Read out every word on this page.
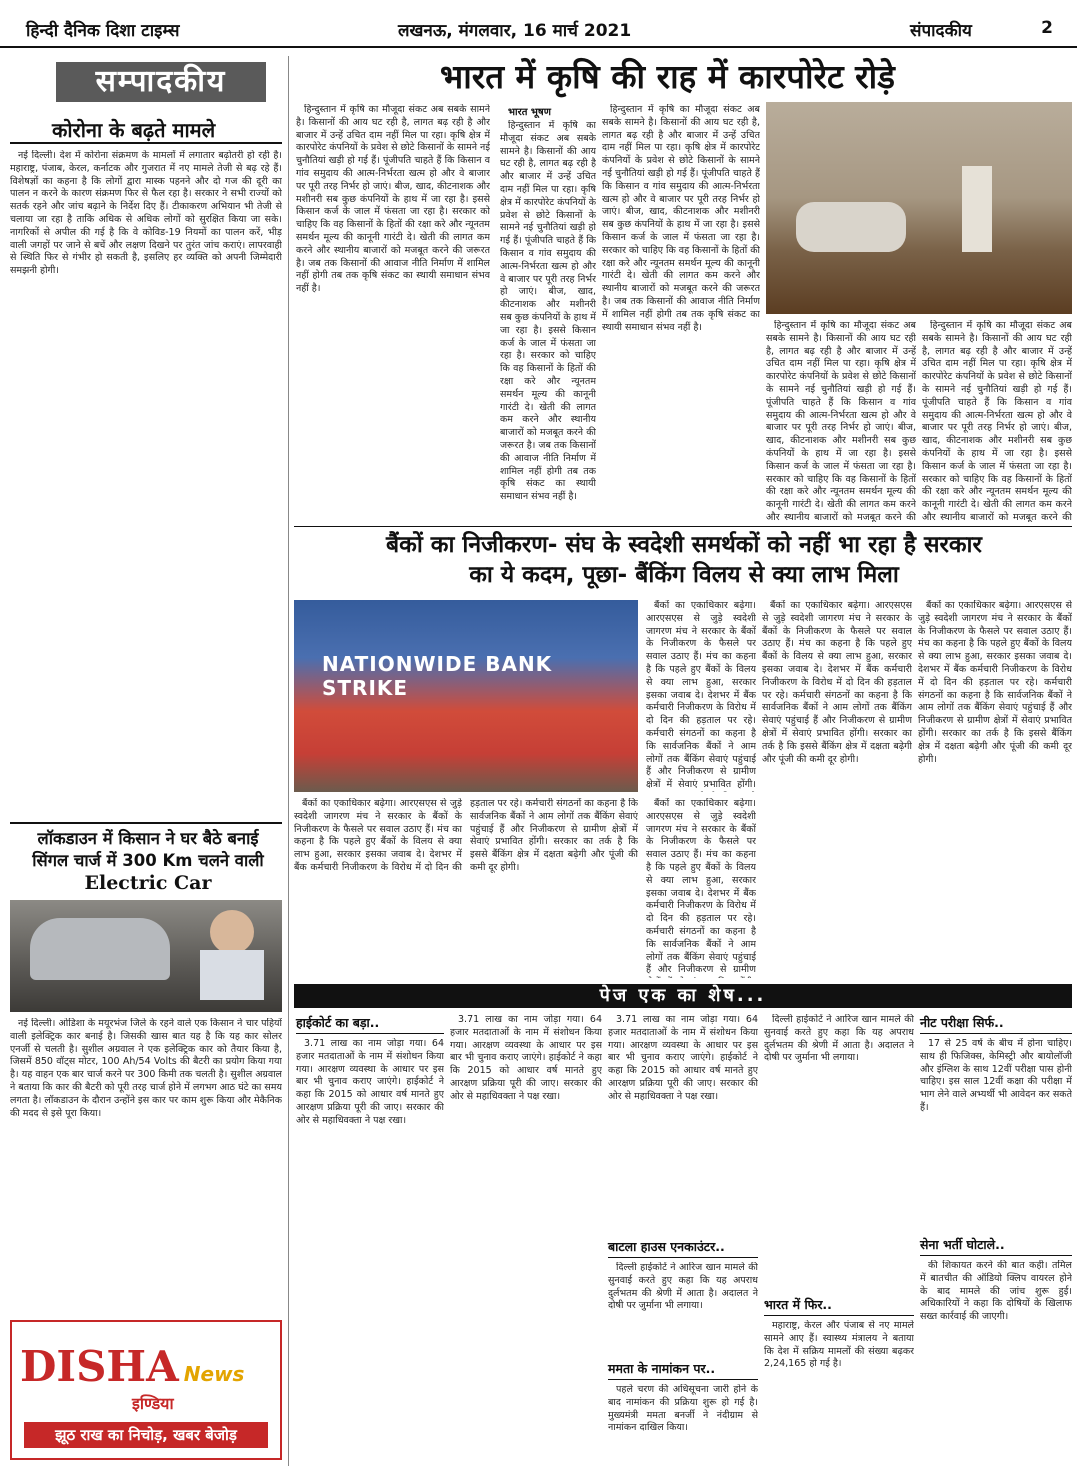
हिन्दी दैनिक दिशा टाइम्स	लखनऊ, मंगलवार, 16 मार्च 2021	संपादकीय	2
सम्पादकीय
कोरोना के बढ़ते मामले

नई दिल्ली। देश में कोरोना संक्रमण के मामलों में लगातार बढ़ोतरी हो रही है। महाराष्ट्र, पंजाब, केरल, कर्नाटक और गुजरात में नए मामले तेजी से बढ़ रहे हैं। विशेषज्ञों का कहना है कि लोगों द्वारा मास्क पहनने और दो गज की दूरी का पालन न करने के कारण संक्रमण फिर से फैल रहा है। सरकार ने सभी राज्यों को सतर्क रहने और जांच बढ़ाने के निर्देश दिए हैं। टीकाकरण अभियान भी तेजी से चलाया जा रहा है ताकि अधिक से अधिक लोगों को सुरक्षित किया जा सके। नागरिकों से अपील की गई है कि वे कोविड-19 नियमों का पालन करें, भीड़ वाली जगहों पर जाने से बचें और लक्षण दिखने पर तुरंत जांच कराएं। लापरवाही से स्थिति फिर से गंभीर हो सकती है, इसलिए हर व्यक्ति को अपनी जिम्मेदारी समझनी होगी।

लॉकडाउन में किसान ने घर बैठे बनाई
सिंगल चार्ज में 300 Km चलने वाली
Electric Car

नई दिल्ली। ओडिशा के मयूरभंज जिले के रहने वाले एक किसान ने चार पहियों वाली इलेक्ट्रिक कार बनाई है। जिसकी खास बात यह है कि यह कार सोलर एनर्जी से चलती है। सुशील अग्रवाल ने एक इलेक्ट्रिक कार को तैयार किया है, जिसमें 850 वॉट्स मोटर, 100 Ah/54 Volts की बैटरी का प्रयोग किया गया है। यह वाहन एक बार चार्ज करने पर 300 किमी तक चलती है। सुशील अग्रवाल ने बताया कि कार की बैटरी को पूरी तरह चार्ज होने में लगभग आठ घंटे का समय लगता है। लॉकडाउन के दौरान उन्होंने इस कार पर काम शुरू किया और मेकैनिक की मदद से इसे पूरा किया।

DISHA News
इण्डिया
झूठ राख का निचोड़, खबर बेजोड़
भारत में कृषि की राह में कारपोरेट रोड़े

हिन्दुस्तान में कृषि का मौजूदा संकट अब सबके सामने है। किसानों की आय घट रही है, लागत बढ़ रही है और बाजार में उन्हें उचित दाम नहीं मिल पा रहा। कृषि क्षेत्र में कारपोरेट कंपनियों के प्रवेश से छोटे किसानों के सामने नई चुनौतियां खड़ी हो गई हैं। पूंजीपति चाहते हैं कि किसान व गांव समुदाय की आत्म-निर्भरता खत्म हो और वे बाजार पर पूरी तरह निर्भर हो जाएं। बीज, खाद, कीटनाशक और मशीनरी सब कुछ कंपनियों के हाथ में जा रहा है। इससे किसान कर्ज के जाल में फंसता जा रहा है। सरकार को चाहिए कि वह किसानों के हितों की रक्षा करे और न्यूनतम समर्थन मूल्य की कानूनी गारंटी दे। खेती की लागत कम करने और स्थानीय बाजारों को मजबूत करने की जरूरत है। जब तक किसानों की आवाज नीति निर्माण में शामिल नहीं होगी तब तक कृषि संकट का स्थायी समाधान संभव नहीं है।

भारत भूषण

हिन्दुस्तान में कृषि का मौजूदा संकट अब सबके सामने है। किसानों की आय घट रही है, लागत बढ़ रही है और बाजार में उन्हें उचित दाम नहीं मिल पा रहा। कृषि क्षेत्र में कारपोरेट कंपनियों के प्रवेश से छोटे किसानों के सामने नई चुनौतियां खड़ी हो गई हैं। पूंजीपति चाहते हैं कि किसान व गांव समुदाय की आत्म-निर्भरता खत्म हो और वे बाजार पर पूरी तरह निर्भर हो जाएं। बीज, खाद, कीटनाशक और मशीनरी सब कुछ कंपनियों के हाथ में जा रहा है। इससे किसान कर्ज के जाल में फंसता जा रहा है। सरकार को चाहिए कि वह किसानों के हितों की रक्षा करे और न्यूनतम समर्थन मूल्य की कानूनी गारंटी दे। खेती की लागत कम करने और स्थानीय बाजारों को मजबूत करने की जरूरत है। जब तक किसानों की आवाज नीति निर्माण में शामिल नहीं होगी तब तक कृषि संकट का स्थायी समाधान संभव नहीं है।

हिन्दुस्तान में कृषि का मौजूदा संकट अब सबके सामने है। किसानों की आय घट रही है, लागत बढ़ रही है और बाजार में उन्हें उचित दाम नहीं मिल पा रहा। कृषि क्षेत्र में कारपोरेट कंपनियों के प्रवेश से छोटे किसानों के सामने नई चुनौतियां खड़ी हो गई हैं। पूंजीपति चाहते हैं कि किसान व गांव समुदाय की आत्म-निर्भरता खत्म हो और वे बाजार पर पूरी तरह निर्भर हो जाएं। बीज, खाद, कीटनाशक और मशीनरी सब कुछ कंपनियों के हाथ में जा रहा है। इससे किसान कर्ज के जाल में फंसता जा रहा है। सरकार को चाहिए कि वह किसानों के हितों की रक्षा करे और न्यूनतम समर्थन मूल्य की कानूनी गारंटी दे। खेती की लागत कम करने और स्थानीय बाजारों को मजबूत करने की जरूरत है। जब तक किसानों की आवाज नीति निर्माण में शामिल नहीं होगी तब तक कृषि संकट का स्थायी समाधान संभव नहीं है।	हिन्दुस्तान में कृषि का मौजूदा संकट अब सबके सामने है। किसानों की आय घट रही है, लागत बढ़ रही है और बाजार में उन्हें उचित दाम नहीं मिल पा रहा। कृषि क्षेत्र में कारपोरेट कंपनियों के प्रवेश से छोटे किसानों के सामने नई चुनौतियां खड़ी हो गई हैं। पूंजीपति चाहते हैं कि किसान व गांव समुदाय की आत्म-निर्भरता खत्म हो और वे बाजार पर पूरी तरह निर्भर हो जाएं। बीज, खाद, कीटनाशक और मशीनरी सब कुछ कंपनियों के हाथ में जा रहा है। इससे किसान कर्ज के जाल में फंसता जा रहा है। सरकार को चाहिए कि वह किसानों के हितों की रक्षा करे और न्यूनतम समर्थन मूल्य की कानूनी गारंटी दे। खेती की लागत कम करने और स्थानीय बाजारों को मजबूत करने की

हिन्दुस्तान में कृषि का मौजूदा संकट अब सबके सामने है। किसानों की आय घट रही है, लागत बढ़ रही है और बाजार में उन्हें उचित दाम नहीं मिल पा रहा। कृषि क्षेत्र में कारपोरेट कंपनियों के प्रवेश से छोटे किसानों के सामने नई चुनौतियां खड़ी हो गई हैं। पूंजीपति चाहते हैं कि किसान व गांव समुदाय की आत्म-निर्भरता खत्म हो और वे बाजार पर पूरी तरह निर्भर हो जाएं। बीज, खाद, कीटनाशक और मशीनरी सब कुछ कंपनियों के हाथ में जा रहा है। इससे किसान कर्ज के जाल में फंसता जा रहा है। सरकार को चाहिए कि वह किसानों के हितों की रक्षा करे और न्यूनतम समर्थन मूल्य की कानूनी गारंटी दे। खेती की लागत कम करने और स्थानीय बाजारों को मजबूत करने की

बैंकों का निजीकरण- संघ के स्वदेशी समर्थकों को नहीं भा रहा है सरकार
का ये कदम, पूछा- बैंकिंग विलय से क्या लाभ मिला
NATIONWIDE BANK STRIKE

बैंकों का एकाधिकार बढ़ेगा। आरएसएस से जुड़े स्वदेशी जागरण मंच ने सरकार के बैंकों के निजीकरण के फैसले पर सवाल उठाए हैं। मंच का कहना है कि पहले हुए बैंकों के विलय से क्या लाभ हुआ, सरकार इसका जवाब दे। देशभर में बैंक कर्मचारी निजीकरण के विरोध में दो दिन की हड़ताल पर रहे। कर्मचारी संगठनों का कहना है कि सार्वजनिक बैंकों ने आम लोगों तक बैंकिंग सेवाएं पहुंचाई हैं और निजीकरण से ग्रामीण क्षेत्रों में सेवाएं प्रभावित होंगी।

बैंकों का एकाधिकार बढ़ेगा। आरएसएस से जुड़े स्वदेशी जागरण मंच ने सरकार के बैंकों के निजीकरण के फैसले पर सवाल उठाए हैं। मंच का कहना है कि पहले हुए बैंकों के विलय से क्या लाभ हुआ, सरकार इसका जवाब दे। देशभर में बैंक कर्मचारी निजीकरण के विरोध में दो दिन की हड़ताल पर रहे। कर्मचारी संगठनों का कहना है कि सार्वजनिक बैंकों ने आम लोगों तक बैंकिंग सेवाएं पहुंचाई हैं और निजीकरण से ग्रामीण क्षेत्रों में सेवाएं प्रभावित होंगी। सरकार का तर्क है कि इससे बैंकिंग क्षेत्र में दक्षता बढ़ेगी और पूंजी की कमी दूर होगी।

बैंकों का एकाधिकार बढ़ेगा। आरएसएस से जुड़े स्वदेशी जागरण मंच ने सरकार के बैंकों के निजीकरण के फैसले पर सवाल उठाए हैं। मंच का कहना है कि पहले हुए बैंकों के विलय से क्या लाभ हुआ, सरकार इसका जवाब दे। देशभर में बैंक कर्मचारी निजीकरण के विरोध में दो दिन की हड़ताल पर रहे। कर्मचारी संगठनों का कहना है कि सार्वजनिक बैंकों ने आम लोगों तक बैंकिंग सेवाएं पहुंचाई हैं और निजीकरण से ग्रामीण

बैंकों का एकाधिकार बढ़ेगा। आरएसएस से जुड़े स्वदेशी जागरण मंच ने सरकार के बैंकों के निजीकरण के फैसले पर सवाल उठाए हैं। मंच का कहना है कि पहले हुए बैंकों के विलय से क्या लाभ हुआ, सरकार इसका जवाब दे। देशभर में बैंक कर्मचारी निजीकरण के विरोध में दो दिन की हड़ताल पर रहे। कर्मचारी संगठनों का कहना है कि सार्वजनिक बैंकों ने आम लोगों तक बैंकिंग सेवाएं पहुंचाई हैं और निजीकरण से ग्रामीण क्षेत्रों में सेवाएं प्रभावित होंगी। सरकार का तर्क है कि इससे बैंकिंग क्षेत्र में दक्षता बढ़ेगी और पूंजी की कमी दूर होगी।

बैंकों का एकाधिकार बढ़ेगा। आरएसएस से जुड़े स्वदेशी जागरण मंच ने सरकार के बैंकों के निजीकरण के फैसले पर सवाल उठाए हैं। मंच का कहना है कि पहले हुए बैंकों के विलय से क्या लाभ हुआ, सरकार इसका जवाब दे। देशभर में बैंक कर्मचारी निजीकरण के विरोध में दो दिन की हड़ताल पर रहे। कर्मचारी संगठनों का कहना है कि सार्वजनिक बैंकों ने आम लोगों तक बैंकिंग सेवाएं पहुंचाई हैं और निजीकरण से ग्रामीण क्षेत्रों में सेवाएं प्रभावित होंगी। सरकार का तर्क है कि इससे बैंकिंग क्षेत्र में दक्षता बढ़ेगी और पूंजी की कमी दूर होगी।

पेज एक का शेष...
हाईकोर्ट का बड़ा..

3.71 लाख का नाम जोड़ा गया। 64 हजार मतदाताओं के नाम में संशोधन किया गया। आरक्षण व्यवस्था के आधार पर इस बार भी चुनाव कराए जाएंगे। हाईकोर्ट ने कहा कि 2015 को आधार वर्ष मानते हुए आरक्षण प्रक्रिया पूरी की जाए। सरकार की ओर से महाधिवक्ता ने पक्ष रखा।

3.71 लाख का नाम जोड़ा गया। 64 हजार मतदाताओं के नाम में संशोधन किया गया। आरक्षण व्यवस्था के आधार पर इस बार भी चुनाव कराए जाएंगे। हाईकोर्ट ने कहा कि 2015 को आधार वर्ष मानते हुए आरक्षण प्रक्रिया पूरी की जाए। सरकार की ओर से महाधिवक्ता ने पक्ष रखा।

3.71 लाख का नाम जोड़ा गया। 64 हजार मतदाताओं के नाम में संशोधन किया गया। आरक्षण व्यवस्था के आधार पर इस बार भी चुनाव कराए जाएंगे। हाईकोर्ट ने कहा कि 2015 को आधार वर्ष मानते हुए आरक्षण प्रक्रिया पूरी की जाए। सरकार की ओर से महाधिवक्ता ने पक्ष रखा।

बाटला हाउस एनकाउंटर..

दिल्ली हाईकोर्ट ने आरिज खान मामले की सुनवाई करते हुए कहा कि यह अपराध दुर्लभतम की श्रेणी में आता है। अदालत ने दोषी पर जुर्माना भी लगाया।

ममता के नामांकन पर..

पहले चरण की अधिसूचना जारी होने के बाद नामांकन की प्रक्रिया शुरू हो गई है। मुख्यमंत्री ममता बनर्जी ने नंदीग्राम से नामांकन दाखिल किया।

दिल्ली हाईकोर्ट ने आरिज खान मामले की सुनवाई करते हुए कहा कि यह अपराध दुर्लभतम की श्रेणी में आता है। अदालत ने दोषी पर जुर्माना भी लगाया।

भारत में फिर..

महाराष्ट्र, केरल और पंजाब से नए मामले सामने आए हैं। स्वास्थ्य मंत्रालय ने बताया कि देश में सक्रिय मामलों की संख्या बढ़कर 2,24,165 हो गई है।

नीट परीक्षा सिर्फ..

17 से 25 वर्ष के बीच में होना चाहिए। साथ ही फिजिक्स, केमिस्ट्री और बायोलॉजी और इंग्लिश के साथ 12वीं परीक्षा पास होनी चाहिए। इस साल 12वीं कक्षा की परीक्षा में भाग लेने वाले अभ्यर्थी भी आवेदन कर सकते हैं।

सेना भर्ती घोटाले..

की शिकायत करने की बात कही। तमिल में बातचीत की ऑडियो क्लिप वायरल होने के बाद मामले की जांच शुरू हुई। अधिकारियों ने कहा कि दोषियों के खिलाफ सख्त कार्रवाई की जाएगी।
